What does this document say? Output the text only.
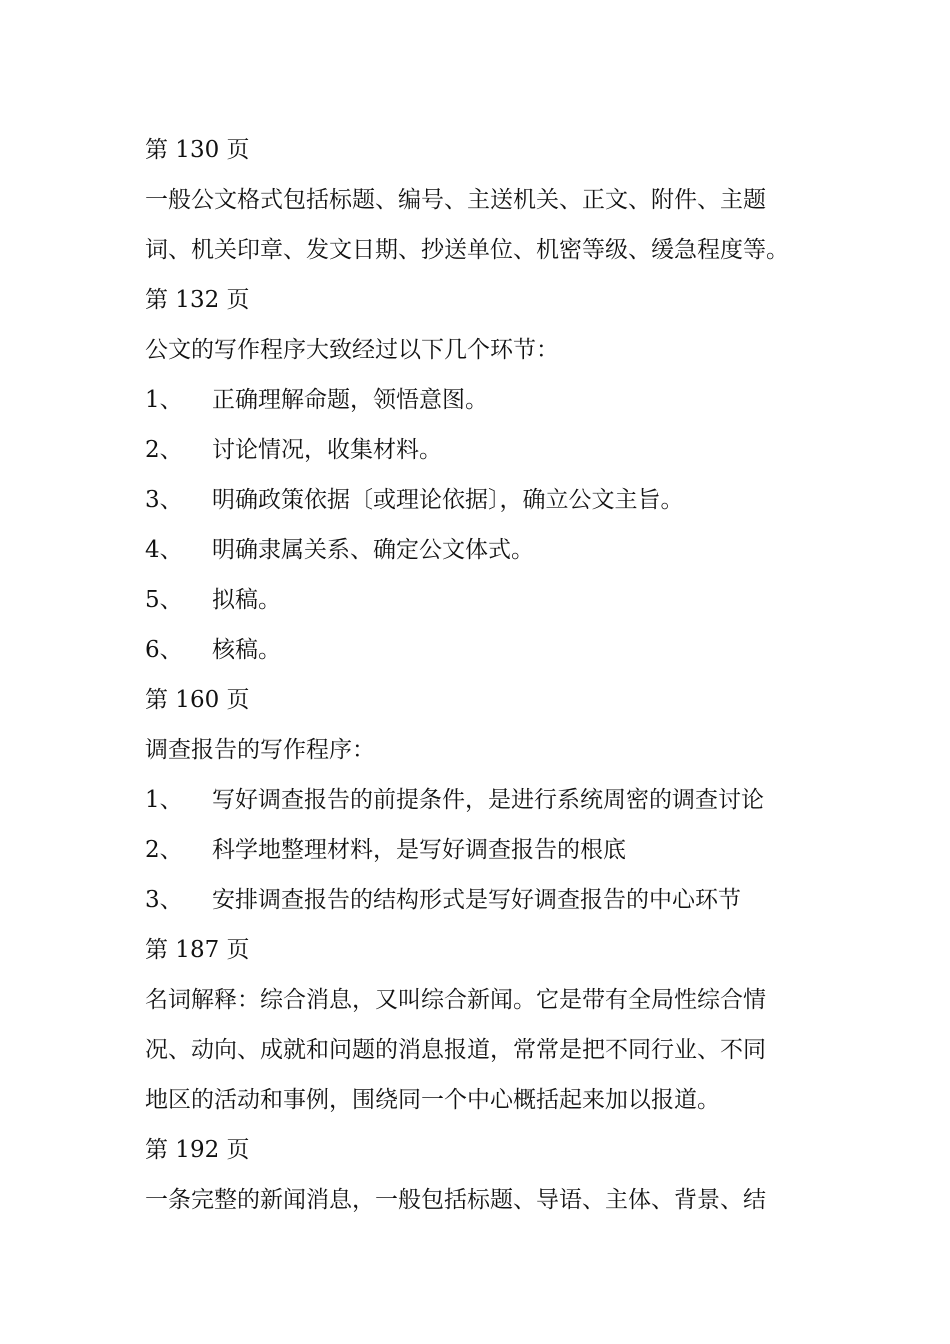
第 130 页
一般公文格式包括标题、编号、主送机关、正文、附件、主题
词、机关印章、发文日期、抄送单位、机密等级、缓急程度等。
第 132 页
公文的写作程序大致经过以下几个环节：
1、	正确理解命题，领悟意图。
2、	讨论情况，收集材料。
3、	明确政策依据〔或理论依据〕，确立公文主旨。
4、	明确隶属关系、确定公文体式。
5、	拟稿。
6、	核稿。
第 160 页
调查报告的写作程序：
1、	写好调查报告的前提条件，是进行系统周密的调查讨论
2、	科学地整理材料，是写好调查报告的根底
3、	安排调查报告的结构形式是写好调查报告的中心环节
第 187 页
名词解释：综合消息，又叫综合新闻。它是带有全局性综合情
况、动向、成就和问题的消息报道，常常是把不同行业、不同
地区的活动和事例，围绕同一个中心概括起来加以报道。
第 192 页
一条完整的新闻消息，一般包括标题、导语、主体、背景、结
